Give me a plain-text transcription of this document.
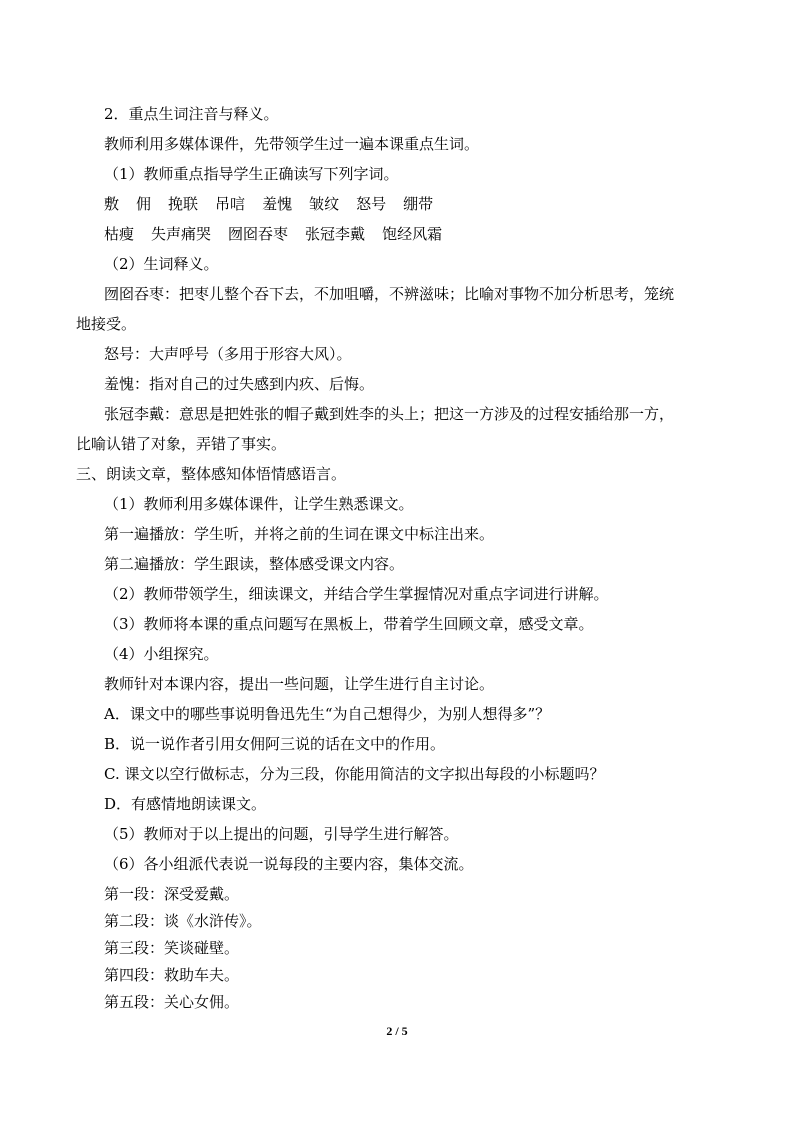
2．重点生词注音与释义。
教师利用多媒体课件，先带领学生过一遍本课重点生词。
（1）教师重点指导学生正确读写下列字词。
敷 佣 挽联 吊唁 羞愧 皱纹 怒号 绷带
枯瘦 失声痛哭 囫囵吞枣 张冠李戴 饱经风霜
（2）生词释义。
囫囵吞枣：把枣儿整个吞下去，不加咀嚼，不辨滋味；比喻对事物不加分析思考，笼统
地接受。
怒号：大声呼号（多用于形容大风）。
羞愧：指对自己的过失感到内疚、后悔。
张冠李戴：意思是把姓张的帽子戴到姓李的头上；把这一方涉及的过程安插给那一方，
比喻认错了对象，弄错了事实。
三、朗读文章，整体感知体悟情感语言。
（1）教师利用多媒体课件，让学生熟悉课文。
第一遍播放：学生听，并将之前的生词在课文中标注出来。
第二遍播放：学生跟读，整体感受课文内容。
（2）教师带领学生，细读课文，并结合学生掌握情况对重点字词进行讲解。
（3）教师将本课的重点问题写在黑板上，带着学生回顾文章，感受文章。
（4）小组探究。
教师针对本课内容，提出一些问题，让学生进行自主讨论。
A．课文中的哪些事说明鲁迅先生“为自己想得少，为别人想得多”？
B．说一说作者引用女佣阿三说的话在文中的作用。
C. 课文以空行做标志，分为三段，你能用简洁的文字拟出每段的小标题吗？
D．有感情地朗读课文。
（5）教师对于以上提出的问题，引导学生进行解答。
（6）各小组派代表说一说每段的主要内容，集体交流。
第一段：深受爱戴。
第二段：谈《水浒传》。
第三段：笑谈碰壁。
第四段：救助车夫。
第五段：关心女佣。
2 / 5
